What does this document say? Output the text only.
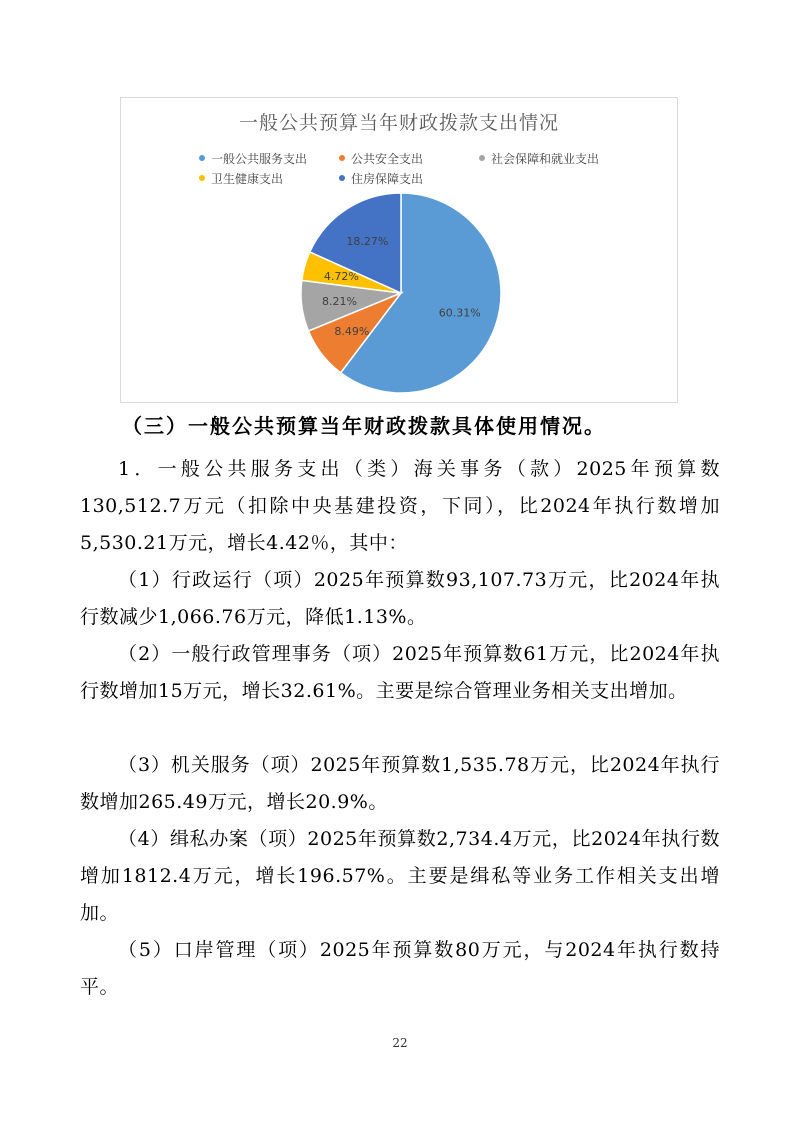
一般公共预算当年财政拨款支出情况
一般公共服务支出	公共安全支出	社会保障和就业支出
卫生健康支出	住房保障支出
60.31%
8.49%
8.21%
4.72%
18.27%
（三）一般公共预算当年财政拨款具体使用情况。
1．一般公共服务支出（类）海关事务（款）2025年预算数130,512.7万元（扣除中央基建投资，下同），比2024年执行数增加5,530.21万元，增长4.42％，其中：
（1）行政运行（项）2025年预算数93,107.73万元，比2024年执行数减少1,066.76万元，降低1.13%。
（2）一般行政管理事务（项）2025年预算数61万元，比2024年执行数增加15万元，增长32.61%。主要是综合管理业务相关支出增加。
（3）机关服务（项）2025年预算数1,535.78万元，比2024年执行数增加265.49万元，增长20.9%。
（4）缉私办案（项）2025年预算数2,734.4万元，比2024年执行数增加1812.4万元，增长196.57%。主要是缉私等业务工作相关支出增加。
（5）口岸管理（项）2025年预算数80万元，与2024年执行数持平。
22
